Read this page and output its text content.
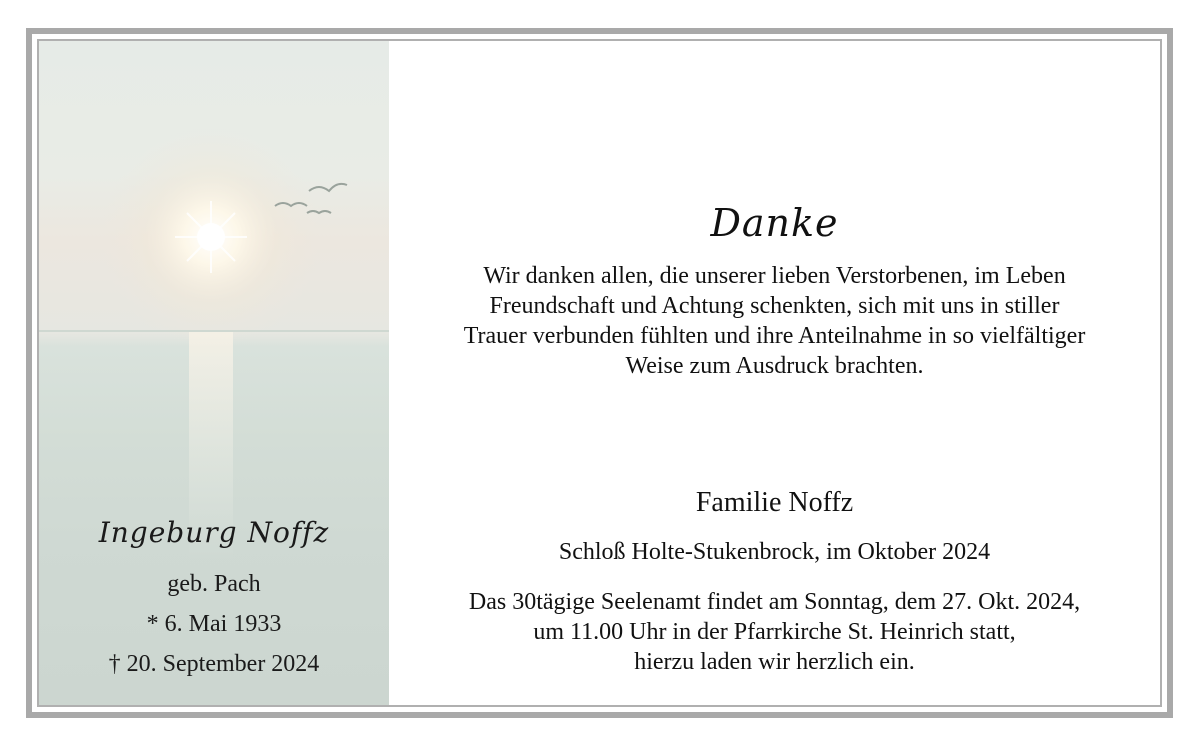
Ingeburg Noffz
geb. Pach
* 6. Mai 1933
† 20. September 2024
Danke
Wir danken allen, die unserer lieben Verstorbenen, im Leben
Freundschaft und Achtung schenkten, sich mit uns in stiller
Trauer verbunden fühlten und ihre Anteilnahme in so vielfältiger
Weise zum Ausdruck brachten.
Familie Noffz
Schloß Holte-Stukenbrock, im Oktober 2024
Das 30tägige Seelenamt findet am Sonntag, dem 27. Okt. 2024,
um 11.00 Uhr in der Pfarrkirche St. Heinrich statt,
hierzu laden wir herzlich ein.
